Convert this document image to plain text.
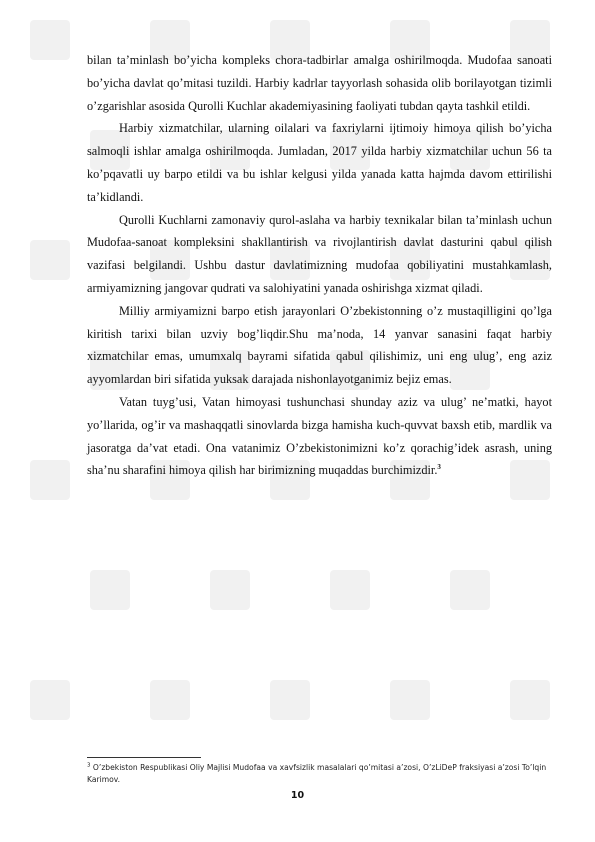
bilan ta’minlash bo’yicha kompleks chora-tadbirlar amalga oshirilmoqda. Mudofaa sanoati bo’yicha davlat qo’mitasi tuzildi. Harbiy kadrlar tayyorlash sohasida olib borilayotgan tizimli o’zgarishlar asosida Qurolli Kuchlar akademiyasining faoliyati tubdan qayta tashkil etildi.

Harbiy xizmatchilar, ularning oilalari va faxriylarni ijtimoiy himoya qilish bo’yicha salmoqli ishlar amalga oshirilmoqda. Jumladan, 2017 yilda harbiy xizmatchilar uchun 56 ta ko’pqavatli uy barpo etildi va bu ishlar kelgusi yilda yanada katta hajmda davom ettirilishi ta’kidlandi.

Qurolli Kuchlarni zamonaviy qurol-aslaha va harbiy texnikalar bilan ta’minlash uchun Mudofaa-sanoat kompleksini shakllantirish va rivojlantirish davlat dasturini qabul qilish vazifasi belgilandi. Ushbu dastur davlatimizning mudofaa qobiliyatini mustahkamlash, armiyamizning jangovar qudrati va salohiyatini yanada oshirishga xizmat qiladi.

Milliy armiyamizni barpo etish jarayonlari O’zbekistonning o’z mustaqilligini qo’lga kiritish tarixi bilan uzviy bog’liqdir.Shu ma’noda, 14 yanvar sanasini faqat harbiy xizmatchilar emas, umumxalq bayrami sifatida qabul qilishimiz, uni eng ulug’, eng aziz ayyomlardan biri sifatida yuksak darajada nishonlayotganimiz bejiz emas.

Vatan tuyg’usi, Vatan himoyasi tushunchasi shunday aziz va ulug’ ne’matki, hayot yo’llarida, og’ir va mashaqqatli sinovlarda bizga hamisha kuch-quvvat baxsh etib, mardlik va jasoratga da’vat etadi. Ona vatanimiz O’zbekistonimizni ko’z qorachig’idek asrash, uning sha’nu sharafini himoya qilish har birimizning muqaddas burchimizdir.$^3$

$^3$ O’zbekiston Respublikasi Oliy Majlisi Mudofaa va xavfsizlik masalalari qo’mitasi a’zosi, O’zLiDeP fraksiyasi a’zosi To’lqin Karimov.
10
